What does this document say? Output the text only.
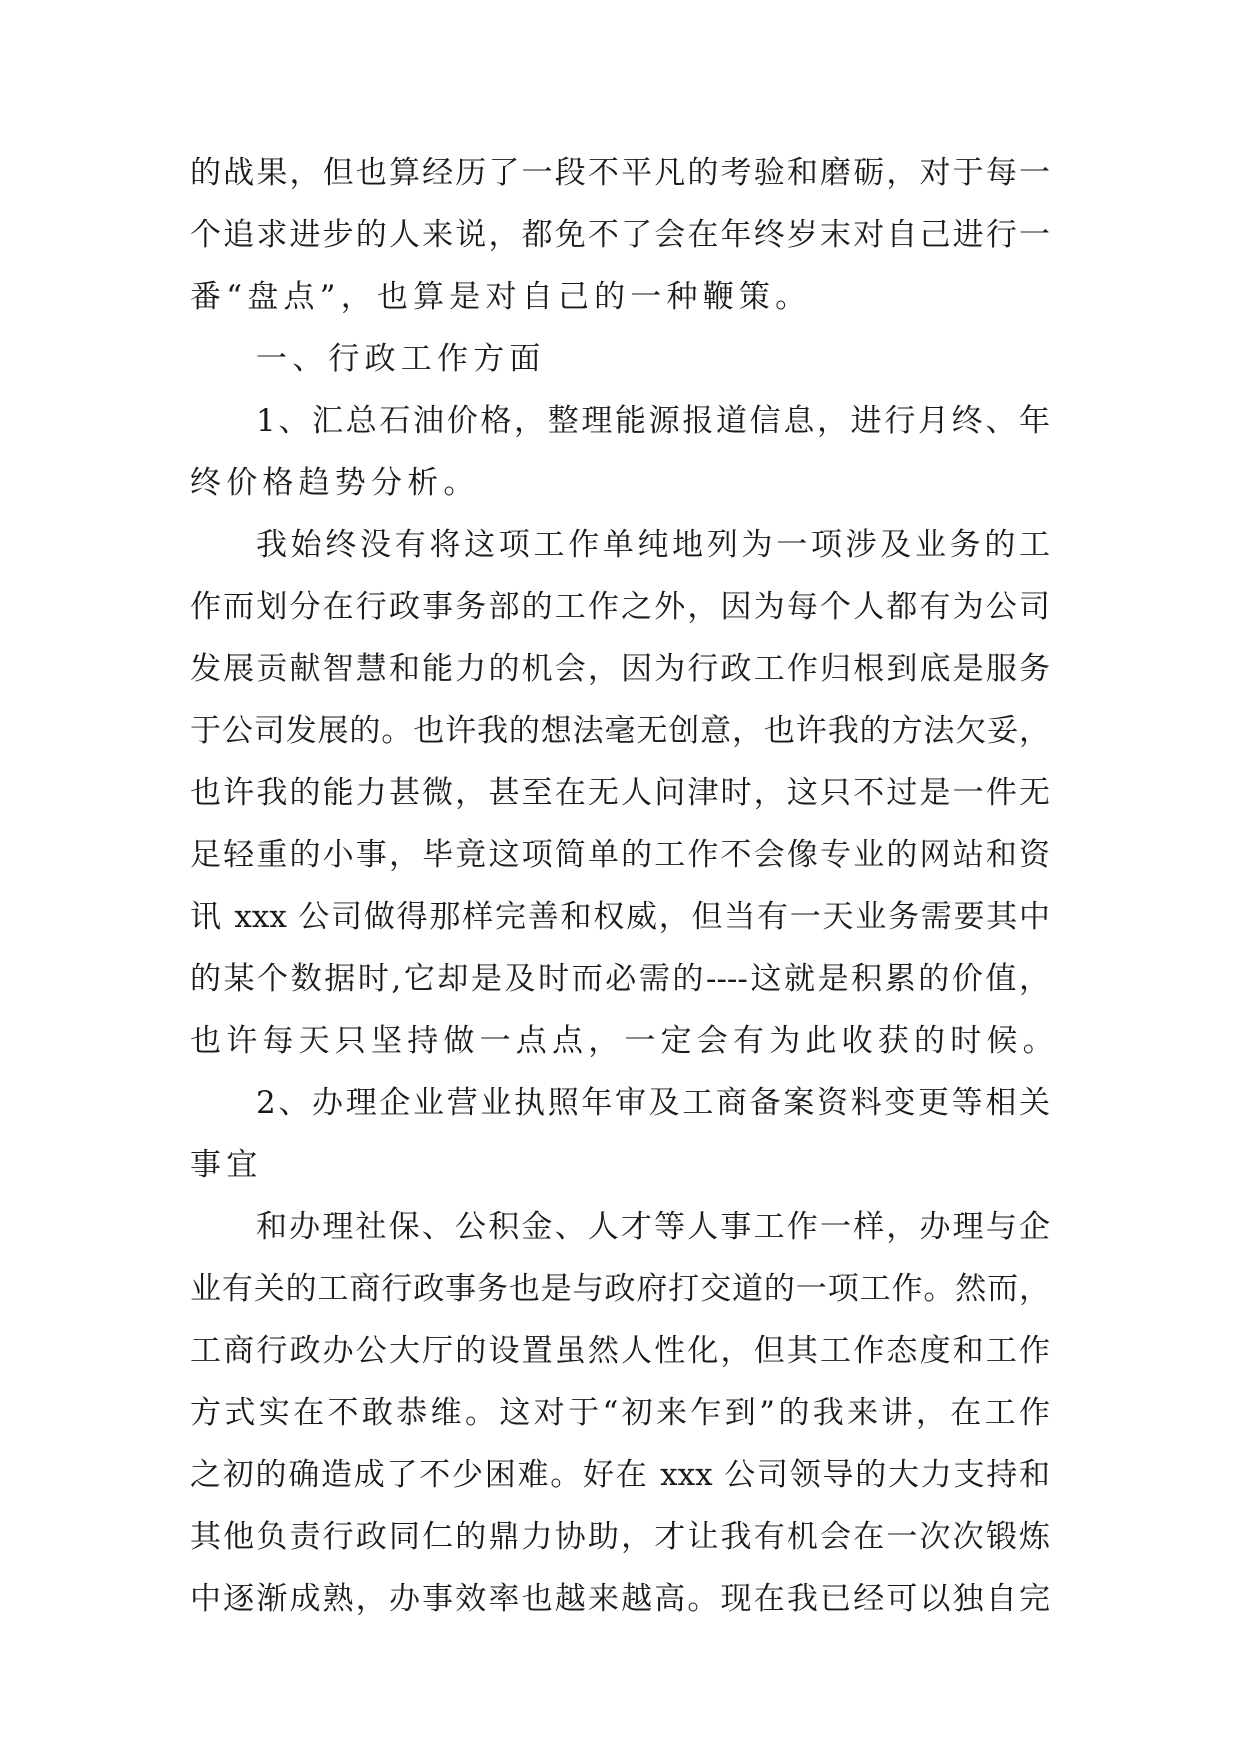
的战果，但也算经历了一段不平凡的考验和磨砺，对于每一
个追求进步的人来说，都免不了会在年终岁末对自己进行一
番“盘点”，也算是对自己的一种鞭策。
一、行政工作方面
1、汇总石油价格，整理能源报道信息，进行月终、年
终价格趋势分析。
我始终没有将这项工作单纯地列为一项涉及业务的工
作而划分在行政事务部的工作之外，因为每个人都有为公司
发展贡献智慧和能力的机会，因为行政工作归根到底是服务
于公司发展的。也许我的想法毫无创意，也许我的方法欠妥，
也许我的能力甚微，甚至在无人问津时，这只不过是一件无
足轻重的小事，毕竟这项简单的工作不会像专业的网站和资
讯 xxx 公司做得那样完善和权威，但当有一天业务需要其中
的某个数据时,它却是及时而必需的----这就是积累的价值，
也许每天只坚持做一点点，一定会有为此收获的时候。
2、办理企业营业执照年审及工商备案资料变更等相关
事宜
和办理社保、公积金、人才等人事工作一样，办理与企
业有关的工商行政事务也是与政府打交道的一项工作。然而，
工商行政办公大厅的设置虽然人性化，但其工作态度和工作
方式实在不敢恭维。这对于“初来乍到”的我来讲，在工作
之初的确造成了不少困难。好在 xxx 公司领导的大力支持和
其他负责行政同仁的鼎力协助，才让我有机会在一次次锻炼
中逐渐成熟，办事效率也越来越高。现在我已经可以独自完
